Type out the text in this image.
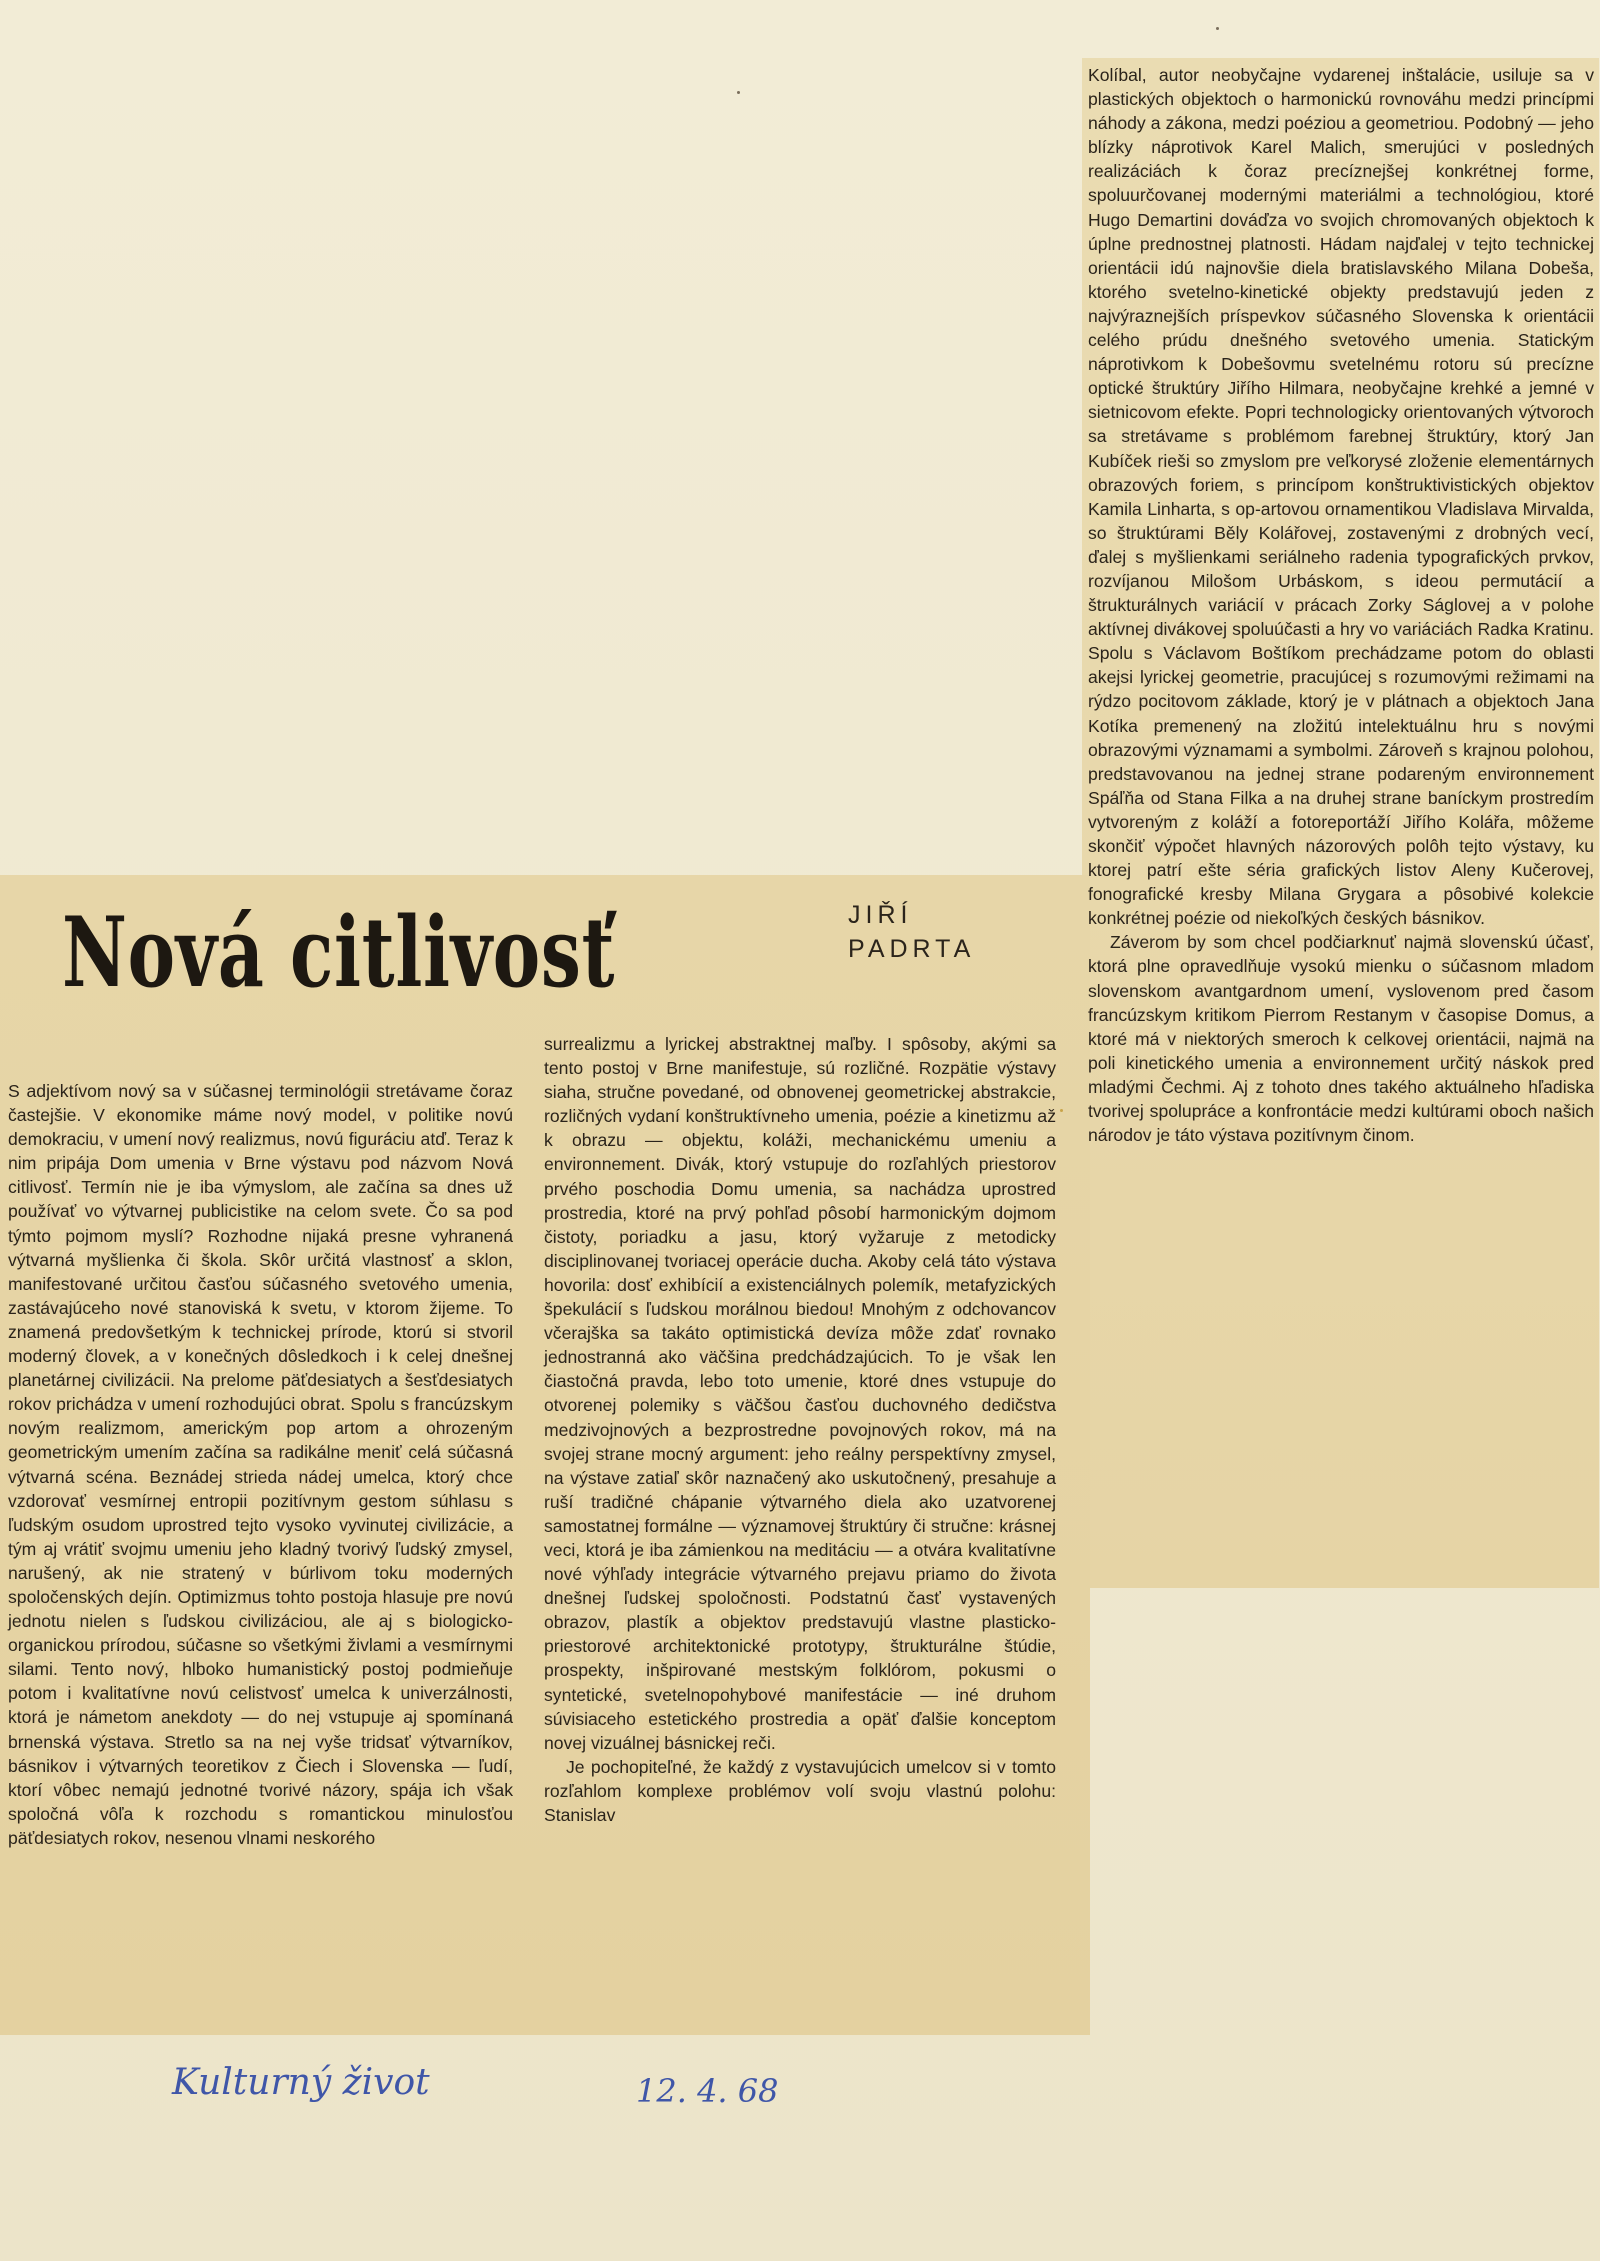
Kolíbal, autor neobyčajne vydarenej inštalácie, usiluje sa v plastických objektoch o harmonickú rovnováhu medzi princípmi náhody a zákona, medzi poéziou a geometriou. Podobný — jeho blízky náprotivok Karel Malich, smerujúci v posledných realizáciách k čoraz precíznejšej konkrétnej forme, spoluurčovanej modernými materiálmi a technológiou, ktoré Hugo Demartini dováďza vo svojich chromovaných objektoch k úplne prednostnej platnosti. Hádam najďalej v tejto technickej orientácii idú najnovšie diela bratislavského Milana Dobeša, ktorého svetelno-kinetické objekty predstavujú jeden z najvýraznejších príspevkov súčasného Slovenska k orientácii celého prúdu dnešného svetového umenia. Statickým náprotivkom k Dobešovmu svetelnému rotoru sú precízne optické štruktúry Jiřího Hilmara, neobyčajne krehké a jemné v sietnicovom efekte. Popri technologicky orientovaných výtvoroch sa stretávame s problémom farebnej štruktúry, ktorý Jan Kubíček rieši so zmyslom pre veľkorysé zloženie elementárnych obrazových foriem, s princípom konštruktivistických objektov Kamila Linharta, s op-artovou ornamentikou Vladislava Mirvalda, so štruktúrami Běly Kolářovej, zostavenými z drobných vecí, ďalej s myšlienkami seriálneho radenia typografických prvkov, rozvíjanou Milošom Urbáskom, s ideou permutácií a štrukturálnych variácií v prácach Zorky Ságlovej a v polohe aktívnej divákovej spoluúčasti a hry vo variáciách Radka Kratinu. Spolu s Václavom Boštíkom prechádzame potom do oblasti akejsi lyrickej geometrie, pracujúcej s rozumovými režimami na rýdzo pocitovom základe, ktorý je v plátnach a objektoch Jana Kotíka premenený na zložitú intelektuálnu hru s novými obrazovými významami a symbolmi. Zároveň s krajnou polohou, predstavovanou na jednej strane podareným environnement Spáľňa od Stana Filka a na druhej strane baníckym prostredím vytvoreným z koláží a fotoreportáží Jiřího Kolářa, môžeme skončiť výpočet hlavných názorových polôh tejto výstavy, ku ktorej patrí ešte séria grafických listov Aleny Kučerovej, fonografické kresby Milana Grygara a pôsobivé kolekcie konkrétnej poézie od niekoľkých českých básnikov.

Záverom by som chcel podčiarknuť najmä slovenskú účasť, ktorá plne opravedlňuje vysokú mienku o súčasnom mladom slovenskom avantgardnom umení, vyslovenom pred časom francúzskym kritikom Pierrom Restanym v časopise Domus, a ktoré má v niektorých smeroch k celkovej orientácii, najmä na poli kinetického umenia a environnement určitý náskok pred mladými Čechmi. Aj z tohoto dnes takého aktuálneho hľadiska tvorivej spolupráce a konfrontácie medzi kultúrami oboch našich národov je táto výstava pozitívnym činom.

Nová citlivosť	JIŘÍ
PADRTA

S adjektívom nový sa v súčasnej terminológii stretávame čoraz častejšie. V ekonomike máme nový model, v politike novú demokraciu, v umení nový realizmus, novú figuráciu atď. Teraz k nim pripája Dom umenia v Brne výstavu pod názvom Nová citlivosť. Termín nie je iba výmyslom, ale začína sa dnes už používať vo výtvarnej publicistike na celom svete. Čo sa pod týmto pojmom myslí? Rozhodne nijaká presne vyhranená výtvarná myšlienka či škola. Skôr určitá vlastnosť a sklon, manifestované určitou časťou súčasného svetového umenia, zastávajúceho nové stanoviská k svetu, v ktorom žijeme. To znamená predovšetkým k technickej prírode, ktorú si stvoril moderný človek, a v konečných dôsledkoch i k celej dnešnej planetárnej civilizácii. Na prelome päťdesiatych a šesťdesiatych rokov prichádza v umení rozhodujúci obrat. Spolu s francúzskym novým realizmom, americkým pop artom a ohrozeným geometrickým umením začína sa radikálne meniť celá súčasná výtvarná scéna. Beznádej strieda nádej umelca, ktorý chce vzdorovať vesmírnej entropii pozitívnym gestom súhlasu s ľudským osudom uprostred tejto vysoko vyvinutej civilizácie, a tým aj vrátiť svojmu umeniu jeho kladný tvorivý ľudský zmysel, narušený, ak nie stratený v búrlivom toku moderných spoločenských dejín. Optimizmus tohto postoja hlasuje pre novú jednotu nielen s ľudskou civilizáciou, ale aj s biologicko-organickou prírodou, súčasne so všetkými živlami a vesmírnymi silami. Tento nový, hlboko humanistický postoj podmieňuje potom i kvalitatívne novú celistvosť umelca k univerzálnosti, ktorá je námetom anekdoty — do nej vstupuje aj spomínaná brnenská výstava. Stretlo sa na nej vyše tridsať výtvarníkov, básnikov i výtvarných teoretikov z Čiech i Slovenska — ľudí, ktorí vôbec nemajú jednotné tvorivé názory, spája ich však spoločná vôľa k rozchodu s romantickou minulosťou päťdesiatych rokov, nesenou vlnami neskorého

surrealizmu a lyrickej abstraktnej maľby. I spôsoby, akými sa tento postoj v Brne manifestuje, sú rozličné. Rozpätie výstavy siaha, stručne povedané, od obnovenej geometrickej abstrakcie, rozličných vydaní konštruktívneho umenia, poézie a kinetizmu až k obrazu — objektu, koláži, mechanickému umeniu a environnement. Divák, ktorý vstupuje do rozľahlých priestorov prvého poschodia Domu umenia, sa nachádza uprostred prostredia, ktoré na prvý pohľad pôsobí harmonickým dojmom čistoty, poriadku a jasu, ktorý vyžaruje z metodicky disciplinovanej tvoriacej operácie ducha. Akoby celá táto výstava hovorila: dosť exhibícií a existenciálnych polemík, metafyzických špekulácií s ľudskou morálnou biedou! Mnohým z odchovancov včerajška sa takáto optimistická devíza môže zdať rovnako jednostranná ako väčšina predchádzajúcich. To je však len čiastočná pravda, lebo toto umenie, ktoré dnes vstupuje do otvorenej polemiky s väčšou časťou duchovného dedičstva medzivojnových a bezprostredne povojnových rokov, má na svojej strane mocný argument: jeho reálny perspektívny zmysel, na výstave zatiaľ skôr naznačený ako uskutočnený, presahuje a ruší tradičné chápanie výtvarného diela ako uzatvorenej samostatnej formálne — významovej štruktúry či stručne: krásnej veci, ktorá je iba zámienkou na meditáciu — a otvára kvalitatívne nové výhľady integrácie výtvarného prejavu priamo do života dnešnej ľudskej spoločnosti. Podstatnú časť vystavených obrazov, plastík a objektov predstavujú vlastne plasticko-priestorové architektonické prototypy, štrukturálne štúdie, prospekty, inšpirované mestským folklórom, pokusmi o syntetické, svetelnopohybové manifestácie — iné druhom súvisiaceho estetického prostredia a opäť ďalšie konceptom novej vizuálnej básnickej reči.

Je pochopiteľné, že každý z vystavujúcich umelcov si v tomto rozľahlom komplexe problémov volí svoju vlastnú polohu: Stanislav

Kulturný život	12. 4. 68
